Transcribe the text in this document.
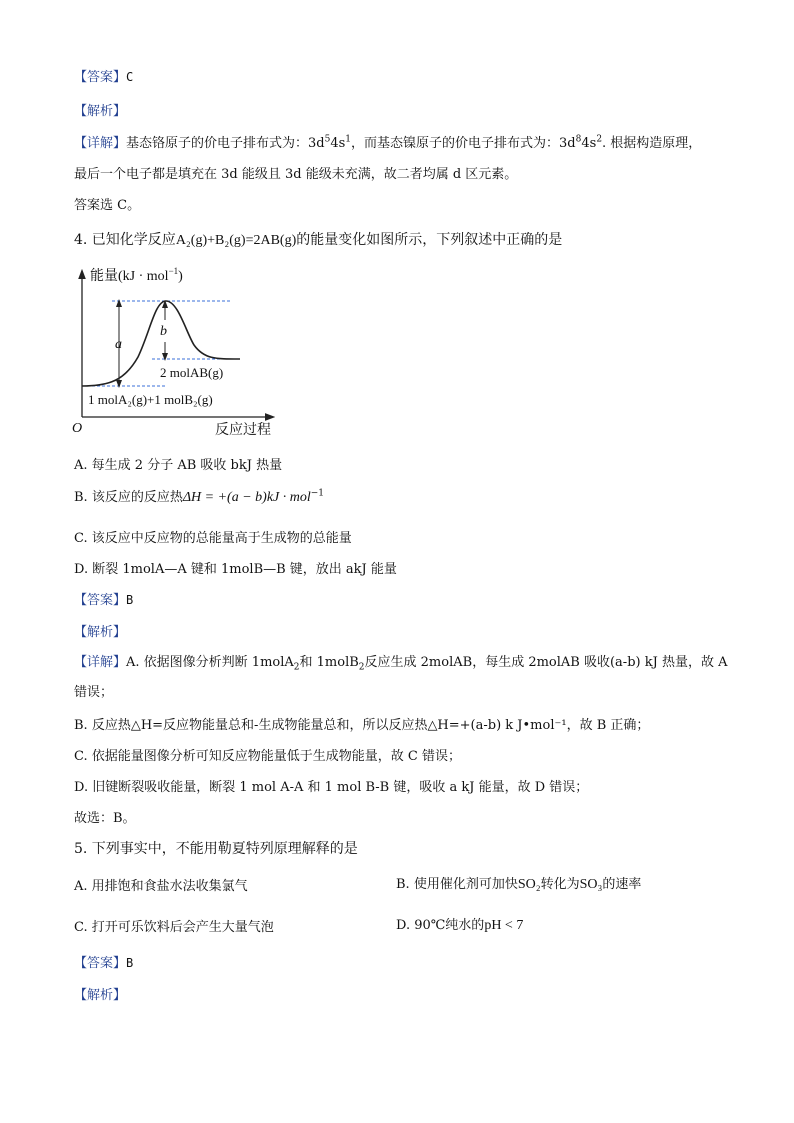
【答案】C
【解析】
【详解】基态铬原子的价电子排布式为：$3d^54s^1$，而基态镍原子的价电子排布式为：$3d^84s^2$. 根据构造原理，
最后一个电子都是填充在 3d 能级且 3d 能级未充满，故二者均属 d 区元素。
答案选 C。
4. 已知化学反应A₂(g)+B₂(g)=2AB(g)的能量变化如图所示，下列叙述中正确的是
能量(kJ · mol$^{-1}$)
a
b
2 molAB(g)
1 molA₂(g)+1 molB₂(g)
O	反应过程
A. 每生成 2 分子 AB 吸收 bkJ 热量
B. 该反应的反应热ΔH = +(a − b)kJ · mol$^{-1}$
C. 该反应中反应物的总能量高于生成物的总能量
D. 断裂 1molA—A 键和 1molB—B 键，放出 akJ 能量
【答案】B
【解析】
【详解】A. 依据图像分析判断 1molA$_2$和 1molB$_2$反应生成 2molAB，每生成 2molAB 吸收(a-b) kJ 热量，故 A
错误；
B. 反应热△H=反应物能量总和-生成物能量总和，所以反应热△H=+(a-b) k J•mol⁻¹，故 B 正确；
C. 依据能量图像分析可知反应物能量低于生成物能量，故 C 错误；
D. 旧键断裂吸收能量，断裂 1 mol A-A 和 1 mol B-B 键，吸收 a kJ 能量，故 D 错误；
故选：B。
5. 下列事实中，不能用勒夏特列原理解释的是
A. 用排饱和食盐水法收集氯气	B. 使用催化剂可加快SO₂转化为SO₃的速率
C. 打开可乐饮料后会产生大量气泡	D. 90℃纯水的pH < 7
【答案】B
【解析】
